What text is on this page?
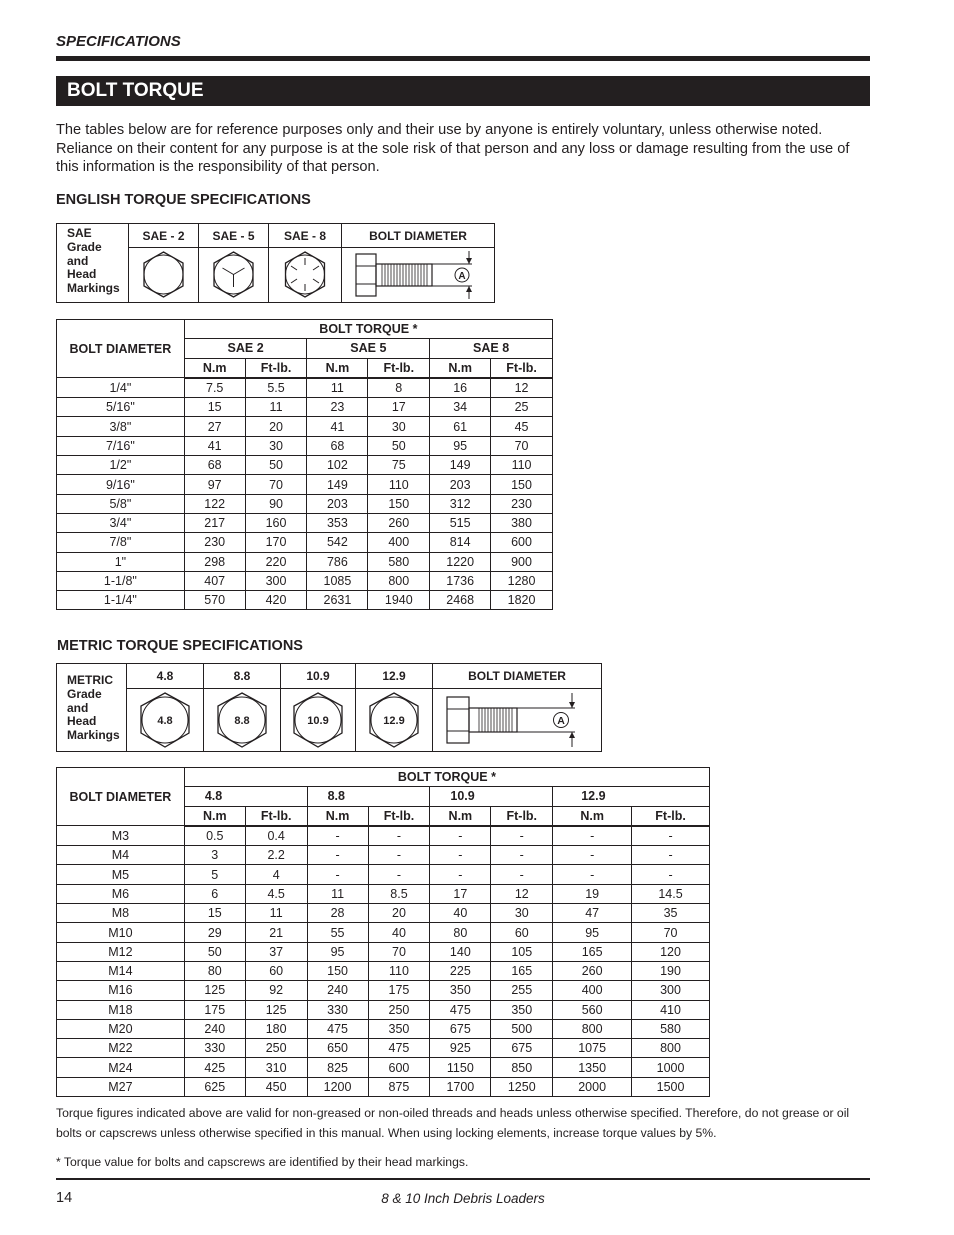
SPECIFICATIONS
BOLT TORQUE
The tables below are for reference purposes only and their use by anyone is entirely voluntary, unless otherwise noted. Reliance on their content for any purpose is at the sole risk of that person and any loss or damage resulting from the use of this information is the responsibility of that person.
ENGLISH TORQUE SPECIFICATIONS
SAE
Grade
and
Head
Markings	SAE - 2	SAE - 5	SAE - 8	BOLT DIAMETER

A
BOLT DIAMETER	BOLT TORQUE *					
	SAE 2		SAE 5		SAE 8	
	N.m	Ft-lb.	N.m	Ft-lb.	N.m	Ft-lb.
1/4"	7.5	5.5	11	8	16	12
5/16"	15	11	23	17	34	25
3/8"	27	20	41	30	61	45
7/16"	41	30	68	50	95	70
1/2"	68	50	102	75	149	110
9/16"	97	70	149	110	203	150
5/8"	122	90	203	150	312	230
3/4"	217	160	353	260	515	380
7/8"	230	170	542	400	814	600
1"	298	220	786	580	1220	900
1-1/8"	407	300	1085	800	1736	1280
1-1/4"	570	420	2631	1940	2468	1820
METRIC TORQUE SPECIFICATIONS
METRIC
Grade
and
Head
Markings	4.8	8.8	10.9	12.9	BOLT DIAMETER

4.8	8.8	10.9	12.9	A
BOLT DIAMETER	BOLT TORQUE *							
	4.8		8.8		10.9		12.9	
	N.m	Ft-lb.	N.m	Ft-lb.	N.m	Ft-lb.	N.m	Ft-lb.
M3	0.5	0.4	-	-	-	-	-	-
M4	3	2.2	-	-	-	-	-	-
M5	5	4	-	-	-	-	-	-
M6	6	4.5	11	8.5	17	12	19	14.5
M8	15	11	28	20	40	30	47	35
M10	29	21	55	40	80	60	95	70
M12	50	37	95	70	140	105	165	120
M14	80	60	150	110	225	165	260	190
M16	125	92	240	175	350	255	400	300
M18	175	125	330	250	475	350	560	410
M20	240	180	475	350	675	500	800	580
M22	330	250	650	475	925	675	1075	800
M24	425	310	825	600	1150	850	1350	1000
M27	625	450	1200	875	1700	1250	2000	1500
Torque figures indicated above are valid for non-greased or non-oiled threads and heads unless otherwise specified. Therefore, do not grease or oil bolts or capscrews unless otherwise specified in this manual. When using locking elements, increase torque values by 5%.
* Torque value for bolts and capscrews are identified by their head markings.
14	8 & 10 Inch Debris Loaders
